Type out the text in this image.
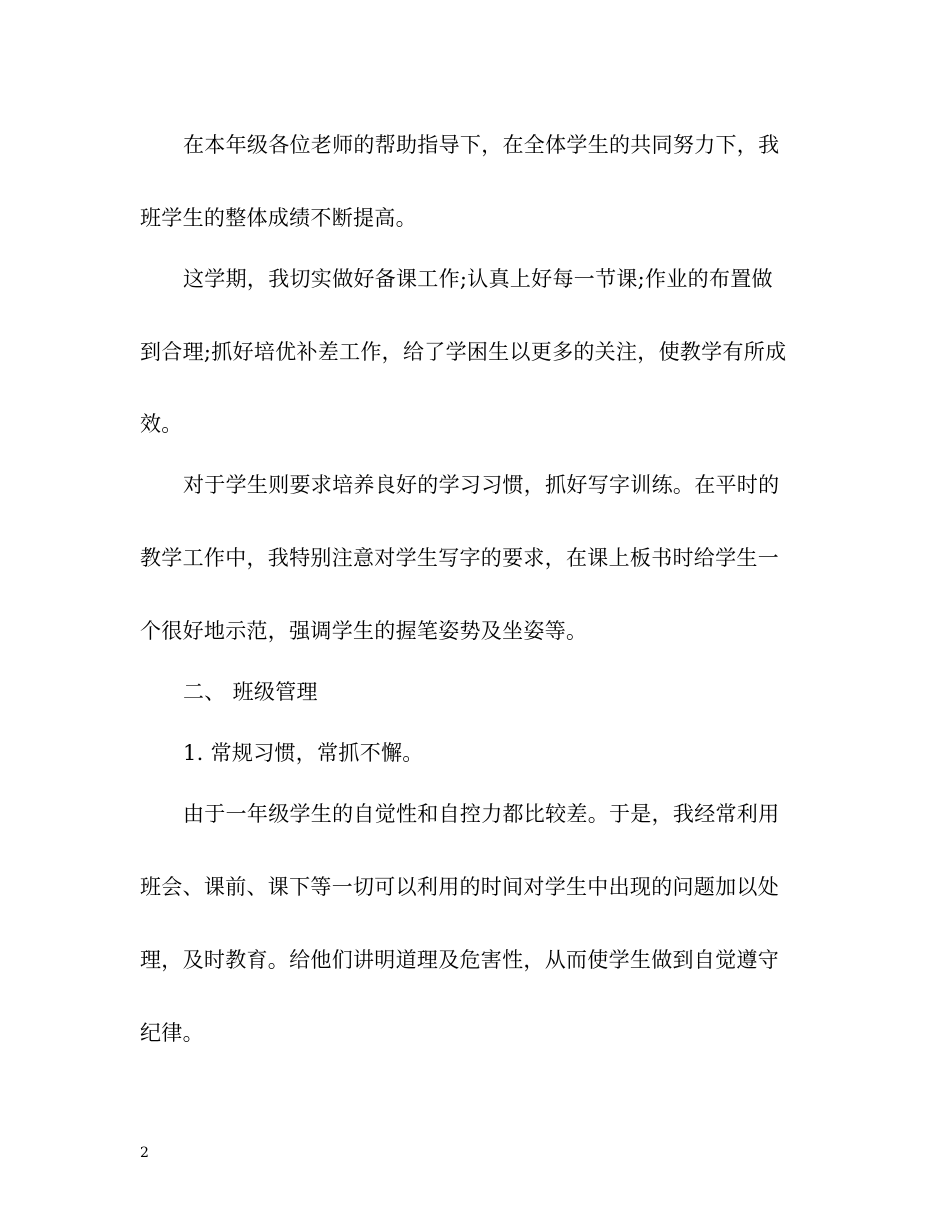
在本年级各位老师的帮助指导下，在全体学生的共同努力下，我
班学生的整体成绩不断提高。
这学期，我切实做好备课工作;认真上好每一节课;作业的布置做
到合理;抓好培优补差工作，给了学困生以更多的关注，使教学有所成
效。
对于学生则要求培养良好的学习习惯，抓好写字训练。在平时的
教学工作中，我特别注意对学生写字的要求，在课上板书时给学生一
个很好地示范，强调学生的握笔姿势及坐姿等。
二、 班级管理
1. 常规习惯，常抓不懈。
由于一年级学生的自觉性和自控力都比较差。于是，我经常利用
班会、课前、课下等一切可以利用的时间对学生中出现的问题加以处
理，及时教育。给他们讲明道理及危害性，从而使学生做到自觉遵守
纪律。
2
